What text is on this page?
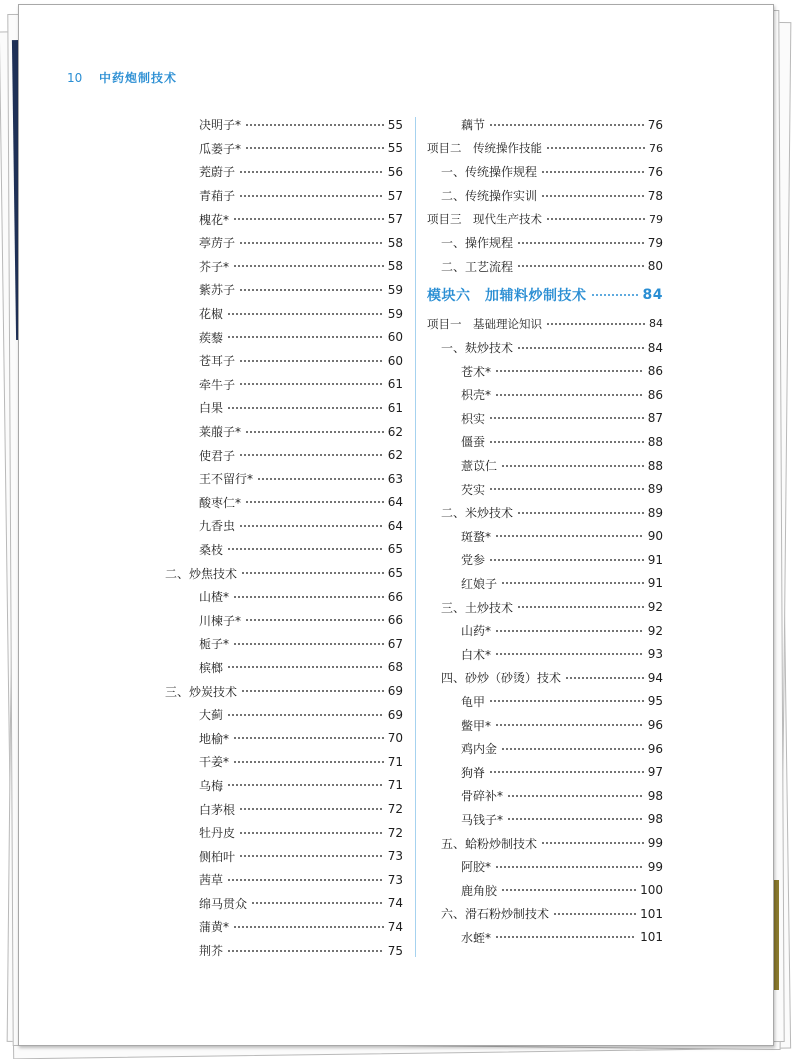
10 中药炮制技术
决明子*	55
瓜蒌子*	55
茺蔚子	56
青葙子	57
槐花*	57
葶苈子	58
芥子*	58
紫苏子	59
花椒	59
蒺藜	60
苍耳子	60
牵牛子	61
白果	61
莱菔子*	62
使君子	62
王不留行*	63
酸枣仁*	64
九香虫	64
桑枝	65
二、炒焦技术	65
山楂*	66
川楝子*	66
栀子*	67
槟榔	68
三、炒炭技术	69
大蓟	69
地榆*	70
干姜*	71
乌梅	71
白茅根	72
牡丹皮	72
侧柏叶	73
茜草	73
绵马贯众	74
蒲黄*	74
荆芥	75
藕节	76
项目二　传统操作技能	76
一、传统操作规程	76
二、传统操作实训	78
项目三　现代生产技术	79
一、操作规程	79
二、工艺流程	80
模块六　加辅料炒制技术	84
项目一　基础理论知识	84
一、麸炒技术	84
苍术*	86
枳壳*	86
枳实	87
僵蚕	88
薏苡仁	88
芡实	89
二、米炒技术	89
斑蝥*	90
党参	91
红娘子	91
三、土炒技术	92
山药*	92
白术*	93
四、砂炒（砂烫）技术	94
龟甲	95
鳖甲*	96
鸡内金	96
狗脊	97
骨碎补*	98
马钱子*	98
五、蛤粉炒制技术	99
阿胶*	99
鹿角胶	100
六、滑石粉炒制技术	101
水蛭*	101
